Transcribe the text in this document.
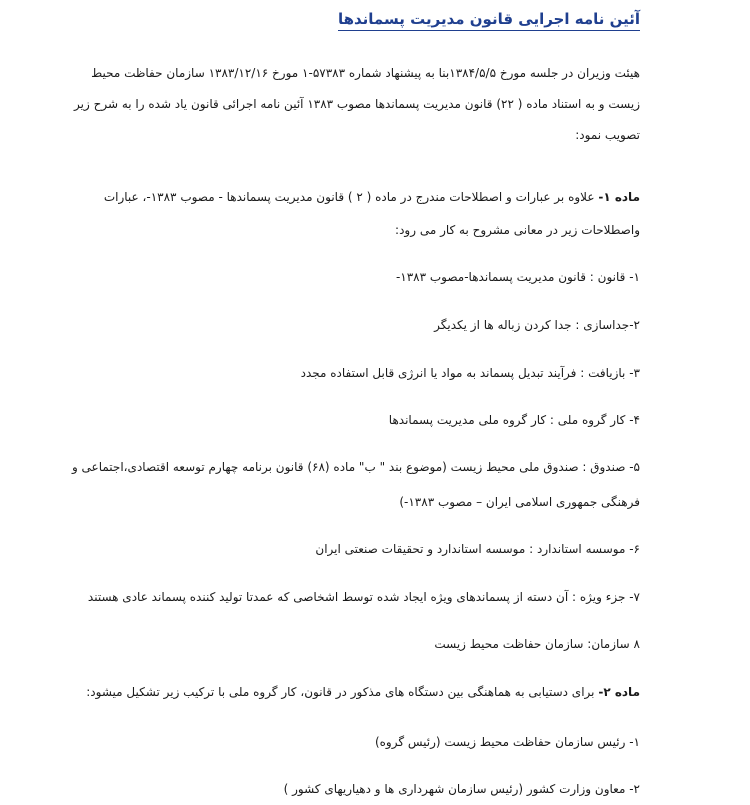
آئین نامه اجرایی قانون مدیریت پسماندها
هیئت وزیران در جلسه مورخ ۱۳۸۴/۵/۵بنا به پیشنهاد شماره ۵۷۳۸۳-۱ مورخ ۱۳۸۳/۱۲/۱۶ سازمان حفاظت محیط
زیست و به استناد ماده ( ۲۲) قانون مدیریت پسماندها مصوب ۱۳۸۳ آئین نامه اجرائی قانون یاد شده را به شرح زیر
تصویب نمود:
ماده ۱- علاوه بر عبارات و اصطلاحات مندرج در ماده ( ۲ ) قانون مدیریت پسماندها - مصوب ۱۳۸۳-، عبارات
واصطلاحات زیر در معانی مشروح به کار می رود:
۱- قانون : قانون مدیریت پسماندها-مصوب ۱۳۸۳-
۲-جداسازی : جدا کردن زباله ها از یکدیگر
۳- بازیافت : فرآیند تبدیل پسماند به مواد یا انرژی قابل استفاده مجدد
۴- کار گروه ملی : کار گروه ملی مدیریت پسماندها
۵- صندوق : صندوق ملی محیط زیست (موضوع بند " ب" ماده (۶۸) قانون برنامه چهارم توسعه اقتصادی،اجتماعی و
فرهنگی جمهوری اسلامی ایران – مصوب ۱۳۸۳-)
۶- موسسه استاندارد : موسسه استاندارد و تحقیقات صنعتی ایران
۷- جزء ویژه : آن دسته از پسماندهای ویژه ایجاد شده توسط اشخاصی که عمدتا تولید کننده پسماند عادی هستند
۸ سازمان: سازمان حفاظت محیط زیست
ماده ۲- برای دستیابی به هماهنگی بین دستگاه های مذکور در قانون، کار گروه ملی با ترکیب زیر تشکیل میشود:
۱- رئیس سازمان حفاظت محیط زیست (رئیس گروه)
۲- معاون وزارت کشور (رئیس سازمان شهرداری ها و دهیاریهای کشور )
